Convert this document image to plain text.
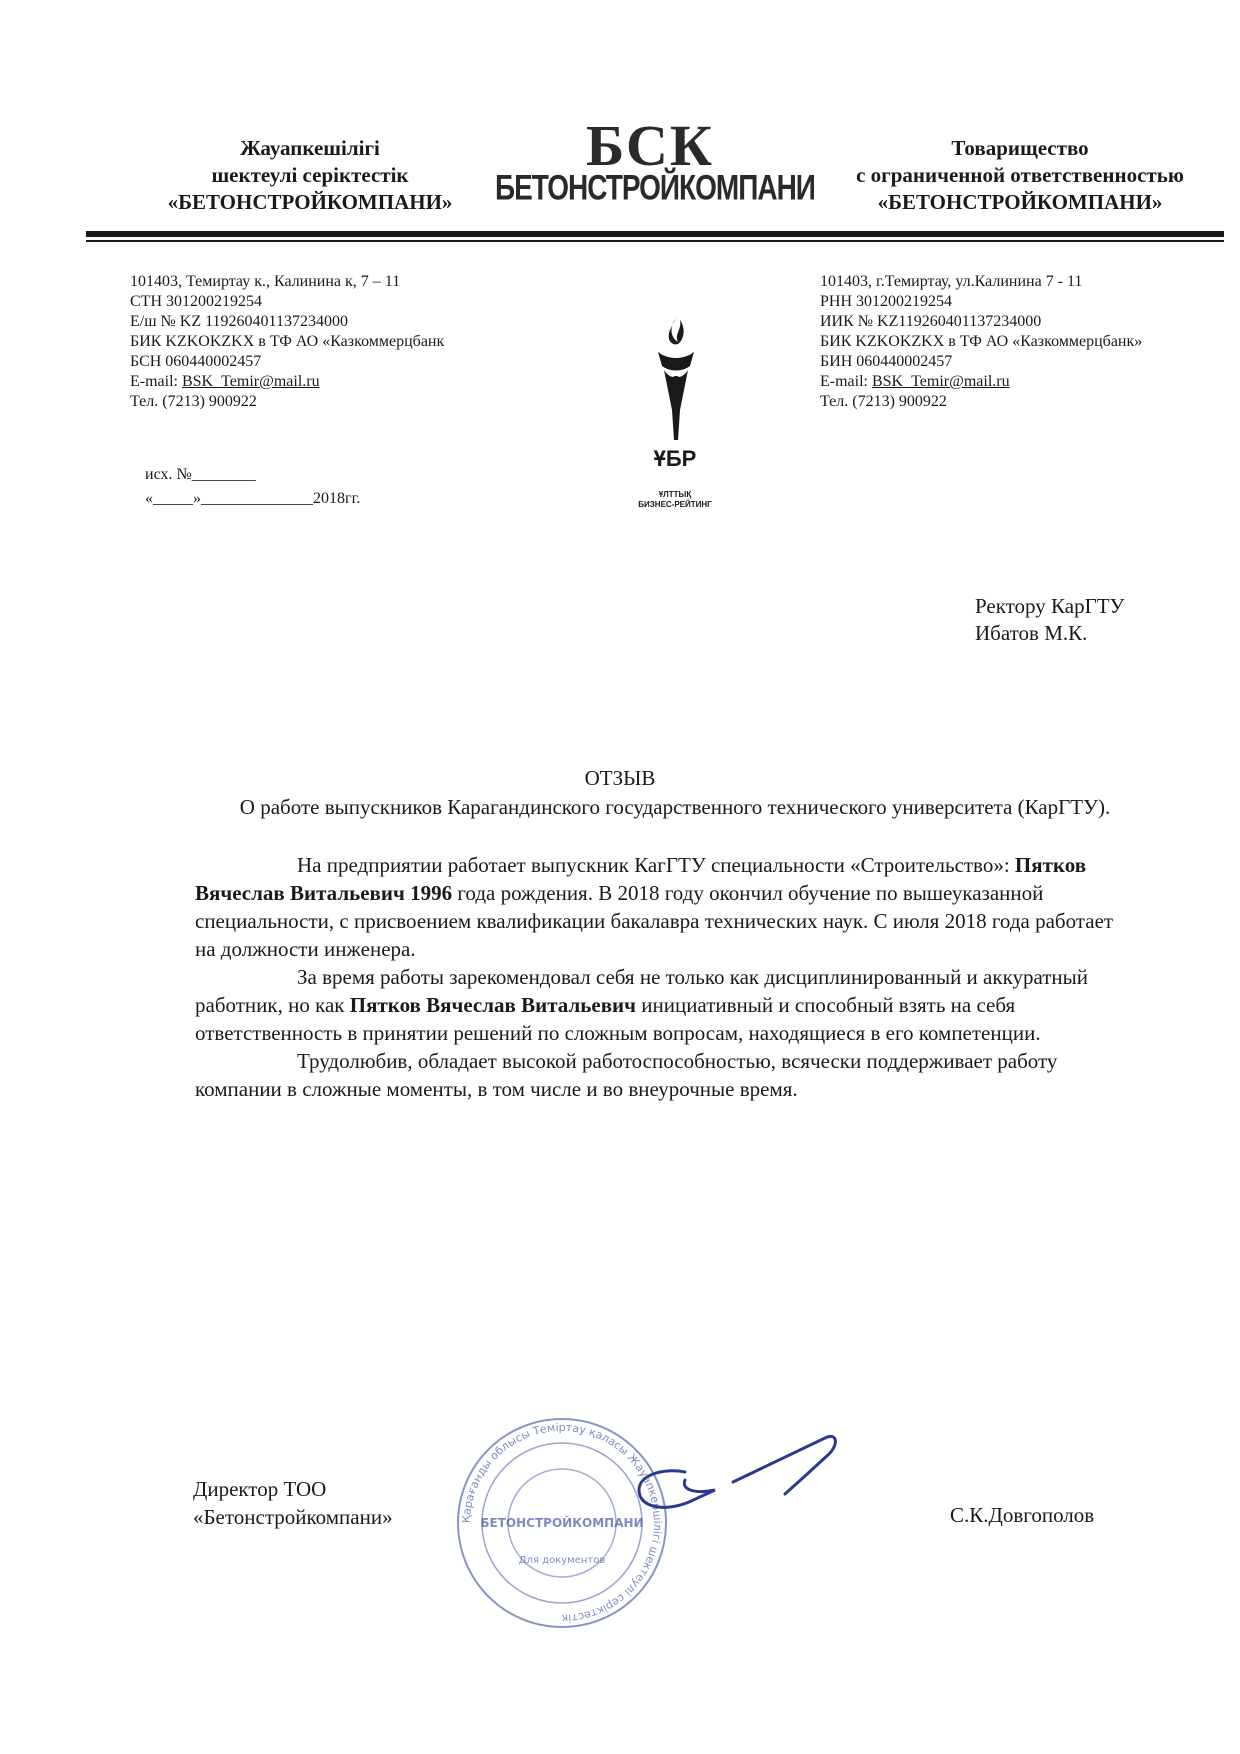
Жауапкешілігі
шектеулі серіктестік
«БЕТОНСТРОЙКОМПАНИ»
БСК
БЕТОНСТРОЙКОМПАНИ
Товарищество
с ограниченной ответственностью
«БЕТОНСТРОЙКОМПАНИ»
101403, Темиртау к., Калинина к, 7 – 11
СТН 301200219254
Е/ш № KZ 119260401137234000
БИК KZKOKZKX в ТФ АО «Казкоммерцбанк
БСН 060440002457
E-mail: BSK_Temir@mail.ru
Тел. (7213) 900922
ҰБР
ҰЛТТЫҚ
БИЗНЕС-РЕЙТИНГ
101403, г.Темиртау, ул.Калинина 7 - 11
РНН 301200219254
ИИК № KZ119260401137234000
БИК KZKOKZKX в ТФ АО «Казкоммерцбанк»
БИН 060440002457
E-mail: BSK_Temir@mail.ru
Тел. (7213) 900922
исх. №________
«_____»______________2018гг.
Ректору КарГТУ
Ибатов М.К.
ОТЗЫВ
О работе выпускников Карагандинского государственного технического университета (КарГТУ).

На предприятии работает выпускник КагГТУ специальности «Строительство»: Пятков Вячеслав Витальевич 1996 года рождения. В 2018 году окончил обучение по вышеуказанной специальности, с присвоением квалификации бакалавра технических наук. С июля 2018 года работает на должности инженера.

За время работы зарекомендовал себя не только как дисциплинированный и аккуратный работник, но как Пятков Вячеслав Витальевич инициативный и способный взять на себя ответственность в принятии решений по сложным вопросам, находящиеся в его компетенции.

Трудолюбив, обладает высокой работоспособностью, всячески поддерживает работу компании в сложные моменты, в том числе и во внеурочные время.

Директор ТОО
«Бетонстройкомпани»	Қарағанды облысы Теміртау қаласы Жауапкершілігі шектеулі серіктестік
БЕТОНСТРОЙКОМПАНИ
Для документов
С.К.Довгополов
